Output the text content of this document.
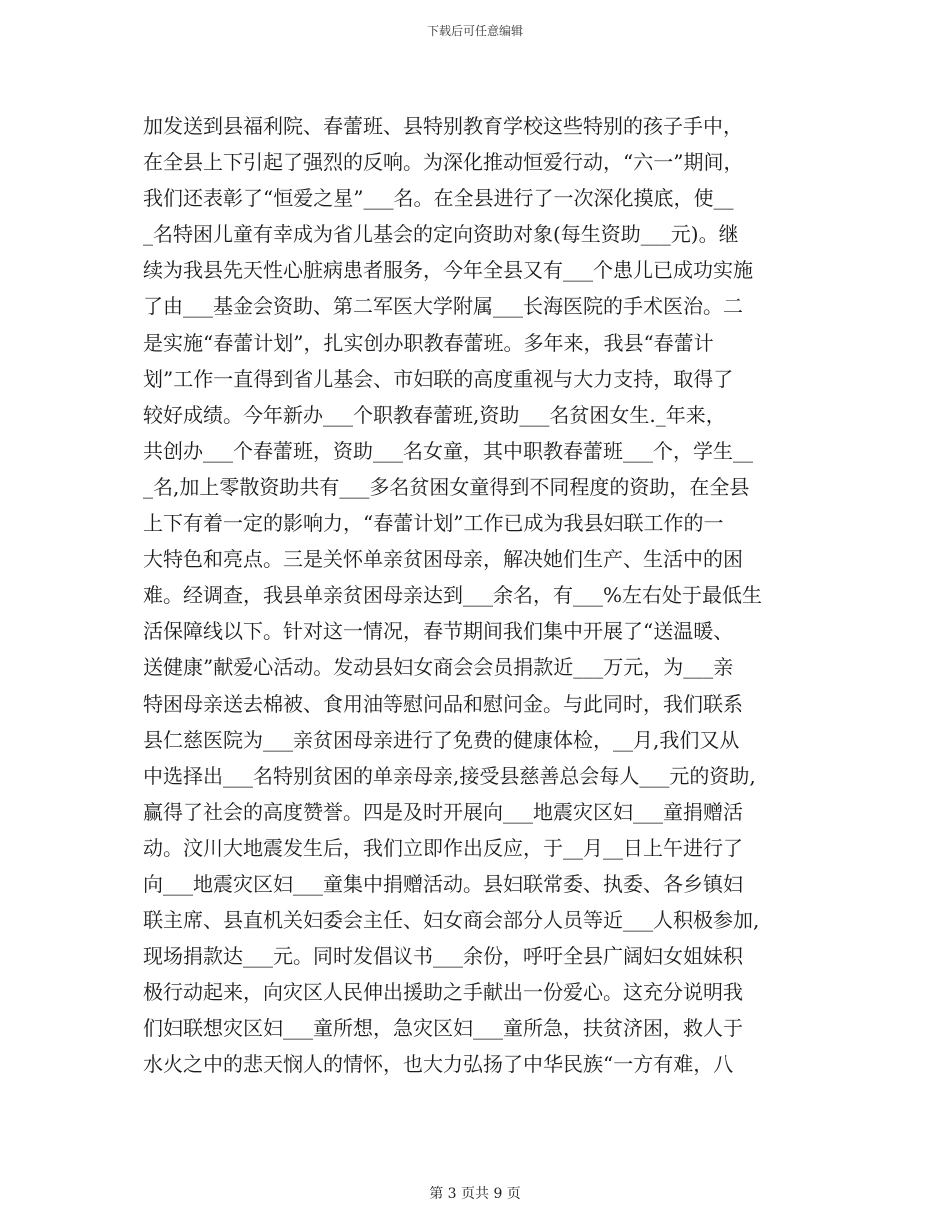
下载后可任意编辑
加发送到县福利院、春蕾班、县特别教育学校这些特别的孩子手中，
在全县上下引起了强烈的反响。为深化推动恒爱行动，“六一”期间，
我们还表彰了“恒爱之星”___名。在全县进行了一次深化摸底，使__
_名特困儿童有幸成为省儿基会的定向资助对象(每生资助___元)。继
续为我县先天性心脏病患者服务，今年全县又有___个患儿已成功实施
了由___基金会资助、第二军医大学附属___长海医院的手术医治。二
是实施“春蕾计划”，扎实创办职教春蕾班。多年来，我县“春蕾计
划”工作一直得到省儿基会、市妇联的高度重视与大力支持，取得了
较好成绩。今年新办___个职教春蕾班,资助___名贫困女生._年来，
共创办___个春蕾班，资助___名女童，其中职教春蕾班___个，学生__
_名,加上零散资助共有___多名贫困女童得到不同程度的资助，在全县
上下有着一定的影响力，“春蕾计划”工作已成为我县妇联工作的一
大特色和亮点。三是关怀单亲贫困母亲，解决她们生产、生活中的困
难。经调查，我县单亲贫困母亲达到___余名，有___%左右处于最低生
活保障线以下。针对这一情况，春节期间我们集中开展了“送温暖、
送健康”献爱心活动。发动县妇女商会会员捐款近___万元，为___亲
特困母亲送去棉被、食用油等慰问品和慰问金。与此同时，我们联系
县仁慈医院为___亲贫困母亲进行了免费的健康体检，__月,我们又从
中选择出___名特别贫困的单亲母亲,接受县慈善总会每人___元的资助,
赢得了社会的高度赞誉。四是及时开展向___地震灾区妇___童捐赠活
动。汶川大地震发生后，我们立即作出反应，于__月__日上午进行了
向___地震灾区妇___童集中捐赠活动。县妇联常委、执委、各乡镇妇
联主席、县直机关妇委会主任、妇女商会部分人员等近___人积极参加,
现场捐款达___元。同时发倡议书___余份，呼吁全县广阔妇女姐妹积
极行动起来，向灾区人民伸出援助之手献出一份爱心。这充分说明我
们妇联想灾区妇___童所想，急灾区妇___童所急，扶贫济困，救人于
水火之中的悲天悯人的情怀，也大力弘扬了中华民族“一方有难，八
第 3 页共 9 页
